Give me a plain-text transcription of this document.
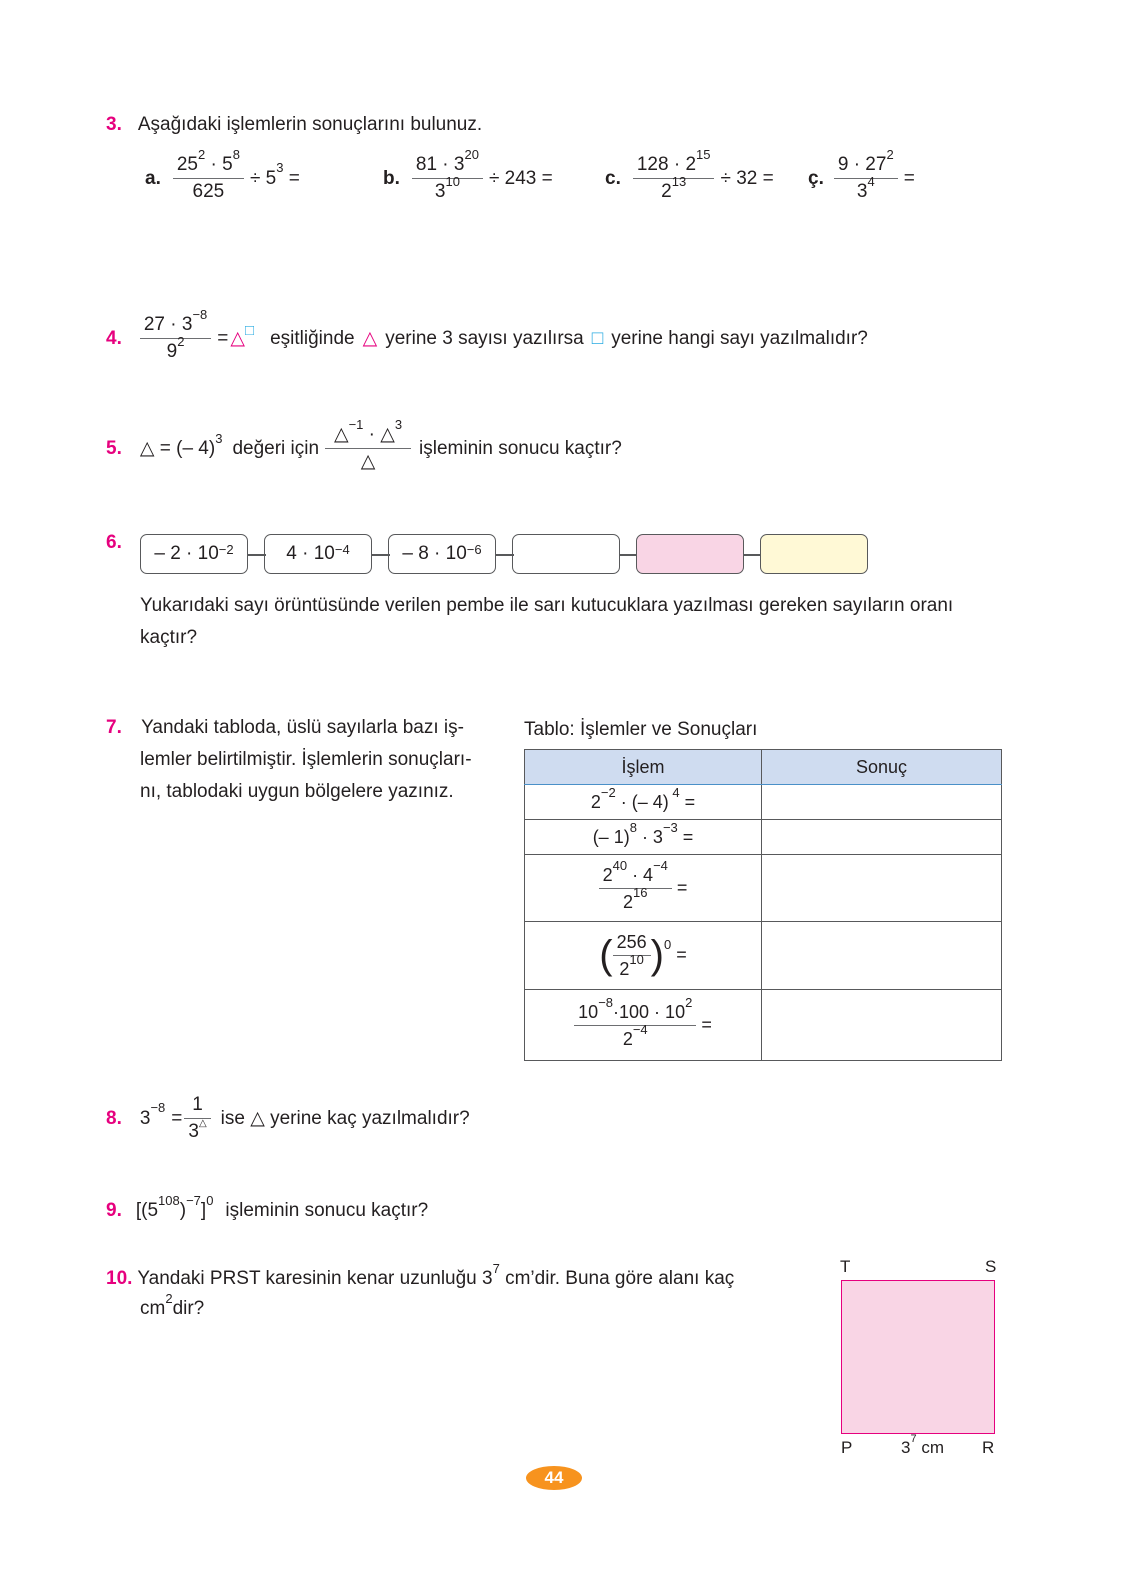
3. Aşağıdaki işlemlerin sonuçlarını bulunuz.
a. $\frac{25^2 \cdot 5^8}{625} \div 5^3$ =	b. $\frac{81 \cdot 3^{20}}{3^{10}} \div 243$ =	c. $\frac{128 \cdot 2^{15}}{2^{13}} \div 32$ = ç. $\frac{9 \cdot 27^2}{3^4}$ =
4. $\frac{27 \cdot 3^{-8}}{9^2}$ = △□ eşitliğinde △ yerine 3 sayısı yazılırsa □ yerine hangi sayı yazılmalıdır?
5. △ = (– 4)$^3$ değeri için $\frac{\triangle^{-1} \cdot \triangle^3}{\triangle}$ işleminin sonucu kaçtır?
6.
– $2 \cdot 10^{-2}$	$4 \cdot 10^{-4}$	– $8 \cdot 10^{-6}$
Yukarıdaki sayı örüntüsünde verilen pembe ile sarı kutucuklara yazılması gereken sayıların oranı
kaçtır?
7. Yandaki tabloda, üslü sayılarla bazı iş-
lemler belirtilmiştir. İşlemlerin sonuçları-
nı, tablodaki uygun bölgelere yazınız.
Tablo: İşlemler ve Sonuçları
İşlem	Sonuç
$2^{-2}$ · (– 4) $^4$ =	
(– $1)^8 \cdot 3^{-3}$ =	

$\frac{2^{40} \cdot 4^{-4}}{2^{16}}$ =	
( $\frac{256}{2^{10}} )^0$ =	

$\frac{10^{-8}\cdot 100 \cdot 10^2}{2^{-4}}$ =	
8. $3^{-8} = \frac{1}{3^\triangle}$ ise △ yerine kaç yazılmalıdır?
9. $[(5^{108})^{-7}]^0$ işleminin sonucu kaçtır?
10. Yandaki PRST karesinin kenar uzunluğu $3^7$ cm’dir. Buna göre alanı kaç
$cm^2dir$?
T	S
P	$3^7$ cm R
44
